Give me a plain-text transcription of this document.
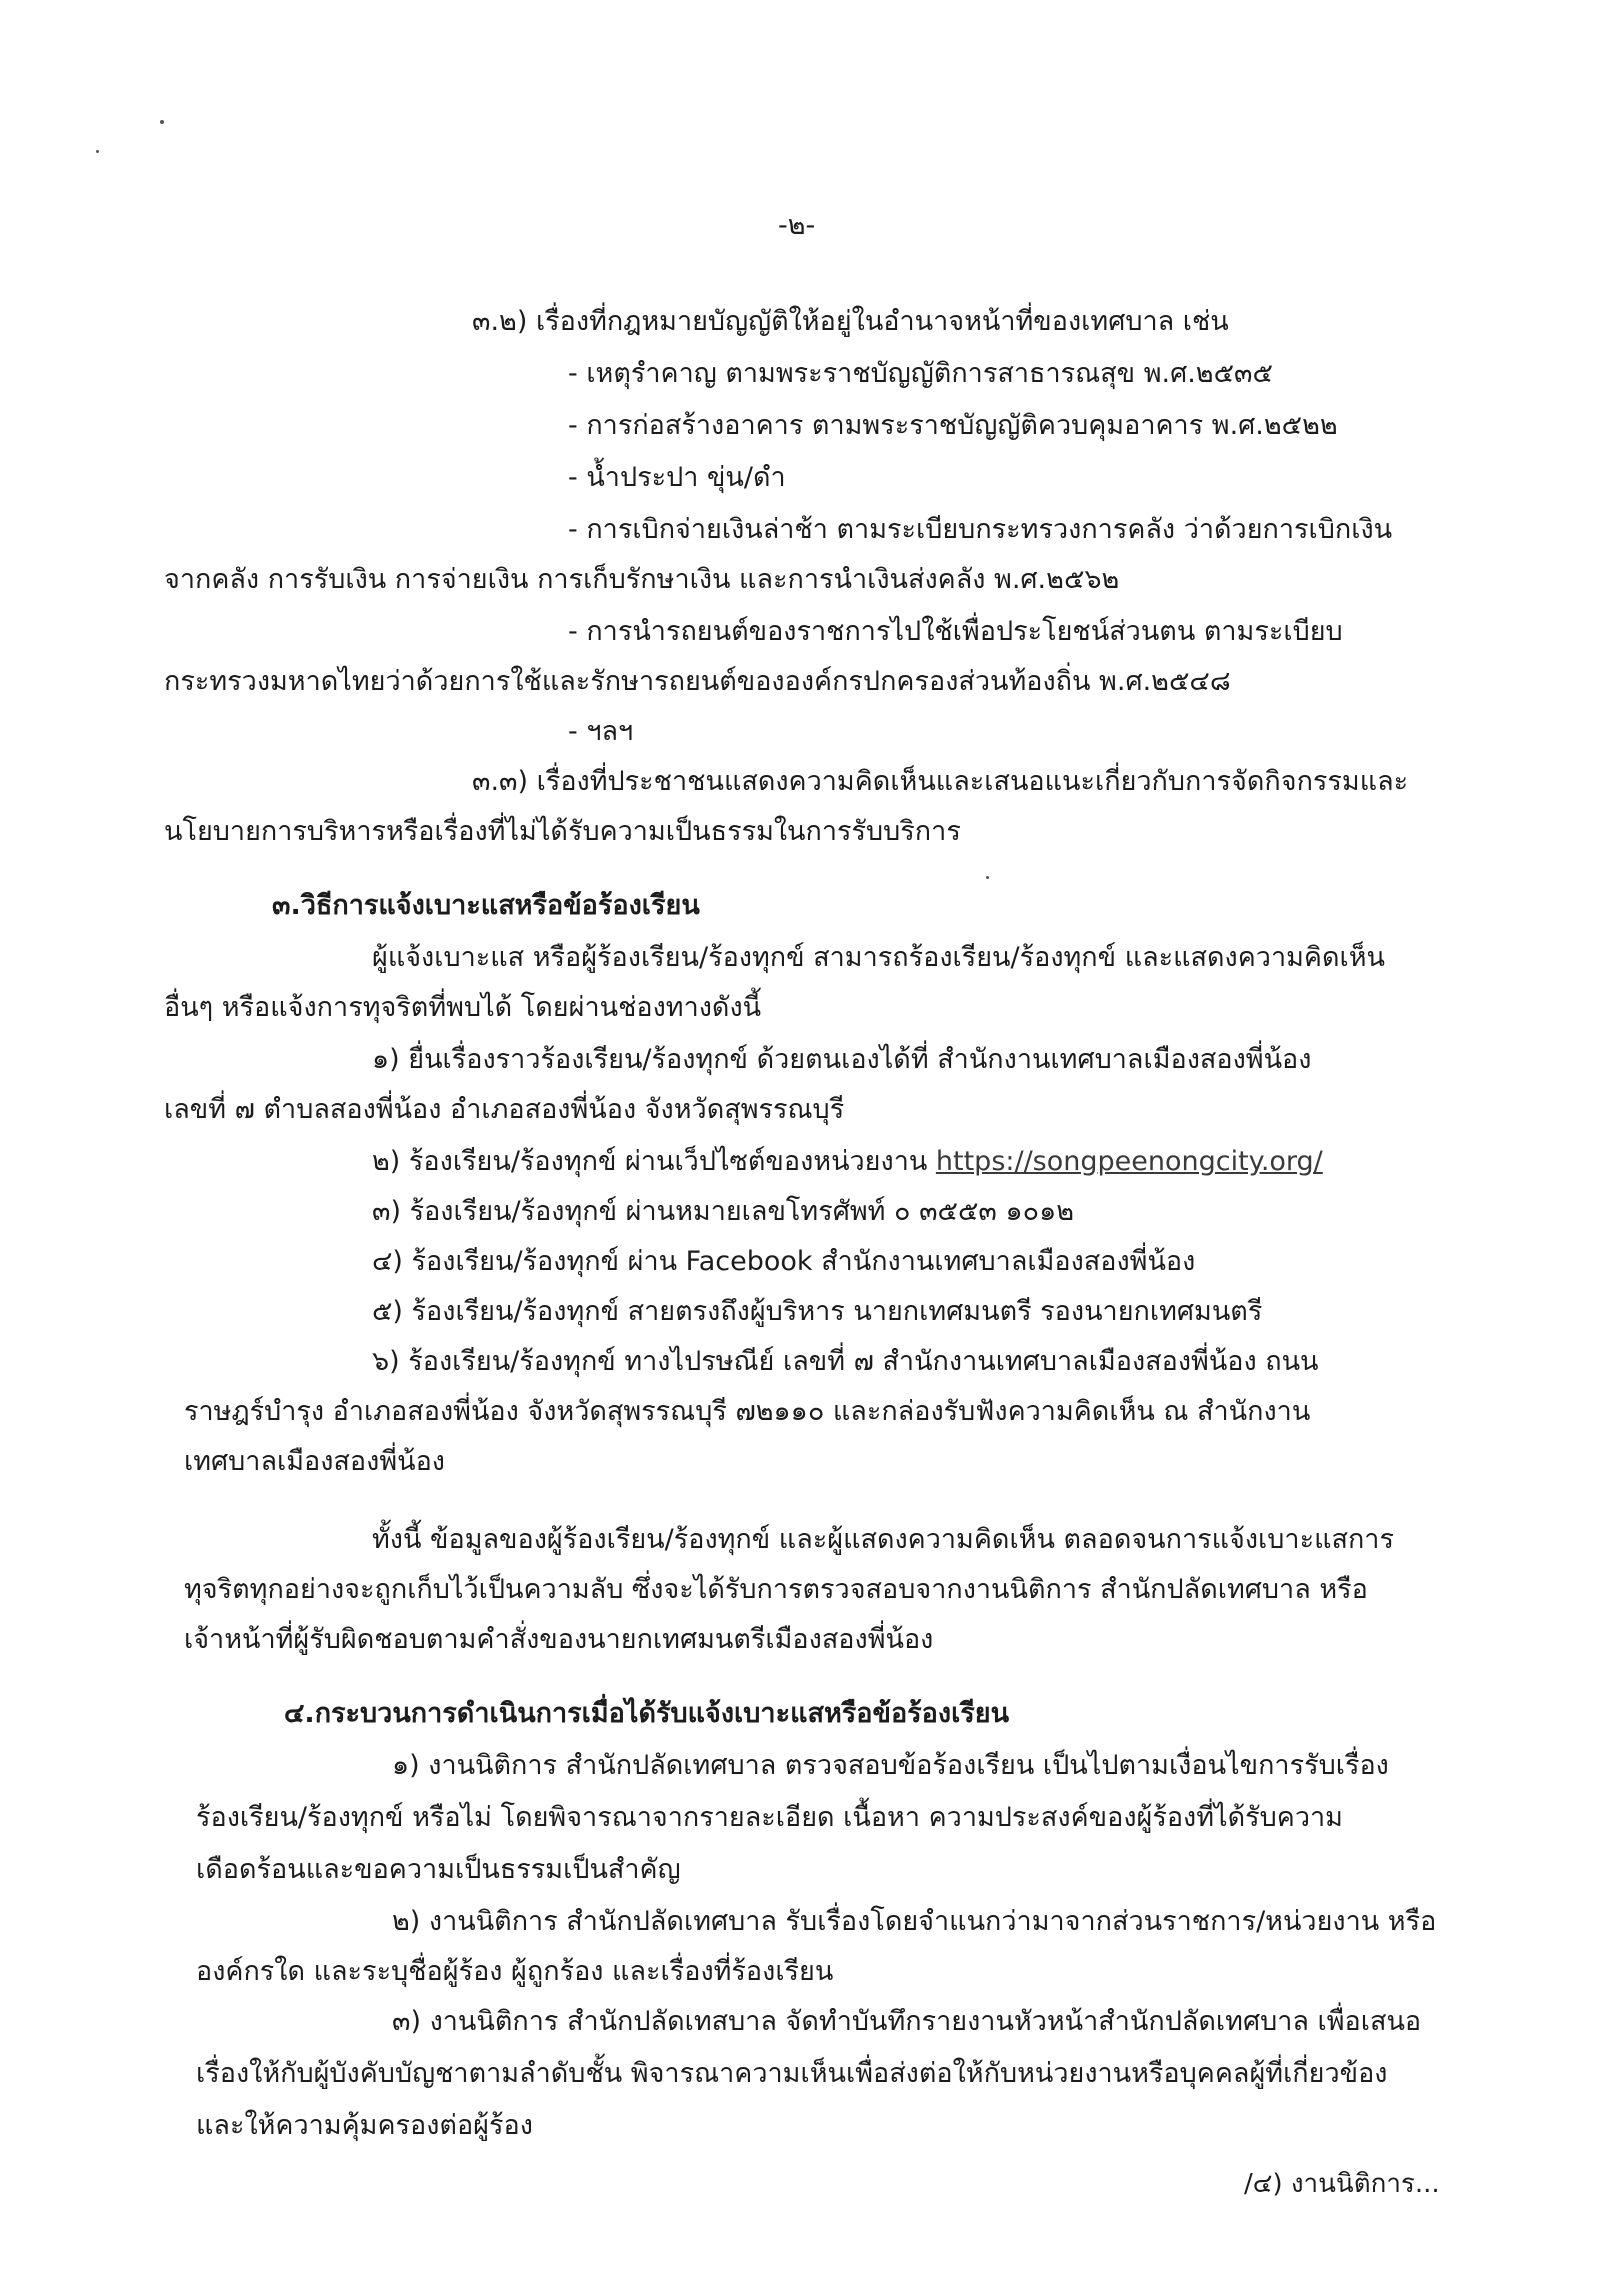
-๒-
๓.๒) เรื่องที่กฎหมายบัญญัติให้อยู่ในอำนาจหน้าที่ของเทศบาล เช่น
- เหตุรำคาญ ตามพระราชบัญญัติการสาธารณสุข พ.ศ.๒๕๓๕
- การก่อสร้างอาคาร ตามพระราชบัญญัติควบคุมอาคาร พ.ศ.๒๕๒๒
- น้ำประปา ขุ่น/ดำ
- การเบิกจ่ายเงินล่าช้า ตามระเบียบกระทรวงการคลัง ว่าด้วยการเบิกเงิน
จากคลัง การรับเงิน การจ่ายเงิน การเก็บรักษาเงิน และการนำเงินส่งคลัง พ.ศ.๒๕๖๒
- การนำรถยนต์ของราชการไปใช้เพื่อประโยชน์ส่วนตน ตามระเบียบ
กระทรวงมหาดไทยว่าด้วยการใช้และรักษารถยนต์ขององค์กรปกครองส่วนท้องถิ่น พ.ศ.๒๕๔๘
- ฯลฯ
๓.๓) เรื่องที่ประชาชนแสดงความคิดเห็นและเสนอแนะเกี่ยวกับการจัดกิจกรรมและ
นโยบายการบริหารหรือเรื่องที่ไม่ได้รับความเป็นธรรมในการรับบริการ
๓.วิธีการแจ้งเบาะแสหรือข้อร้องเรียน
ผู้แจ้งเบาะแส หรือผู้ร้องเรียน/ร้องทุกข์ สามารถร้องเรียน/ร้องทุกข์ และแสดงความคิดเห็น
อื่นๆ หรือแจ้งการทุจริตที่พบได้ โดยผ่านช่องทางดังนี้
๑) ยื่นเรื่องราวร้องเรียน/ร้องทุกข์ ด้วยตนเองได้ที่ สำนักงานเทศบาลเมืองสองพี่น้อง
เลขที่ ๗ ตำบลสองพี่น้อง อำเภอสองพี่น้อง จังหวัดสุพรรณบุรี
๒) ร้องเรียน/ร้องทุกข์ ผ่านเว็ปไซต์ของหน่วยงาน https://songpeenongcity.org/
๓) ร้องเรียน/ร้องทุกข์ ผ่านหมายเลขโทรศัพท์ ๐ ๓๕๕๓ ๑๐๑๒
๔) ร้องเรียน/ร้องทุกข์ ผ่าน Facebook สำนักงานเทศบาลเมืองสองพี่น้อง
๕) ร้องเรียน/ร้องทุกข์ สายตรงถึงผู้บริหาร นายกเทศมนตรี รองนายกเทศมนตรี
๖) ร้องเรียน/ร้องทุกข์ ทางไปรษณีย์ เลขที่ ๗ สำนักงานเทศบาลเมืองสองพี่น้อง ถนน
ราษฎร์บำรุง อำเภอสองพี่น้อง จังหวัดสุพรรณบุรี ๗๒๑๑๐ และกล่องรับฟังความคิดเห็น ณ สำนักงาน
เทศบาลเมืองสองพี่น้อง
ทั้งนี้ ข้อมูลของผู้ร้องเรียน/ร้องทุกข์ และผู้แสดงความคิดเห็น ตลอดจนการแจ้งเบาะแสการ
ทุจริตทุกอย่างจะถูกเก็บไว้เป็นความลับ ซึ่งจะได้รับการตรวจสอบจากงานนิติการ สำนักปลัดเทศบาล หรือ
เจ้าหน้าที่ผู้รับผิดชอบตามคำสั่งของนายกเทศมนตรีเมืองสองพี่น้อง
๔.กระบวนการดำเนินการเมื่อได้รับแจ้งเบาะแสหรือข้อร้องเรียน
๑) งานนิติการ สำนักปลัดเทศบาล ตรวจสอบข้อร้องเรียน เป็นไปตามเงื่อนไขการรับเรื่อง
ร้องเรียน/ร้องทุกข์ หรือไม่ โดยพิจารณาจากรายละเอียด เนื้อหา ความประสงค์ของผู้ร้องที่ได้รับความ
เดือดร้อนและขอความเป็นธรรมเป็นสำคัญ
๒) งานนิติการ สำนักปลัดเทศบาล รับเรื่องโดยจำแนกว่ามาจากส่วนราชการ/หน่วยงาน หรือ
องค์กรใด และระบุชื่อผู้ร้อง ผู้ถูกร้อง และเรื่องที่ร้องเรียน
๓) งานนิติการ สำนักปลัดเทสบาล จัดทำบันทึกรายงานหัวหน้าสำนักปลัดเทศบาล เพื่อเสนอ
เรื่องให้กับผู้บังคับบัญชาตามลำดับชั้น พิจารณาความเห็นเพื่อส่งต่อให้กับหน่วยงานหรือบุคคลผู้ที่เกี่ยวข้อง
และให้ความคุ้มครองต่อผู้ร้อง
/๔) งานนิติการ...
